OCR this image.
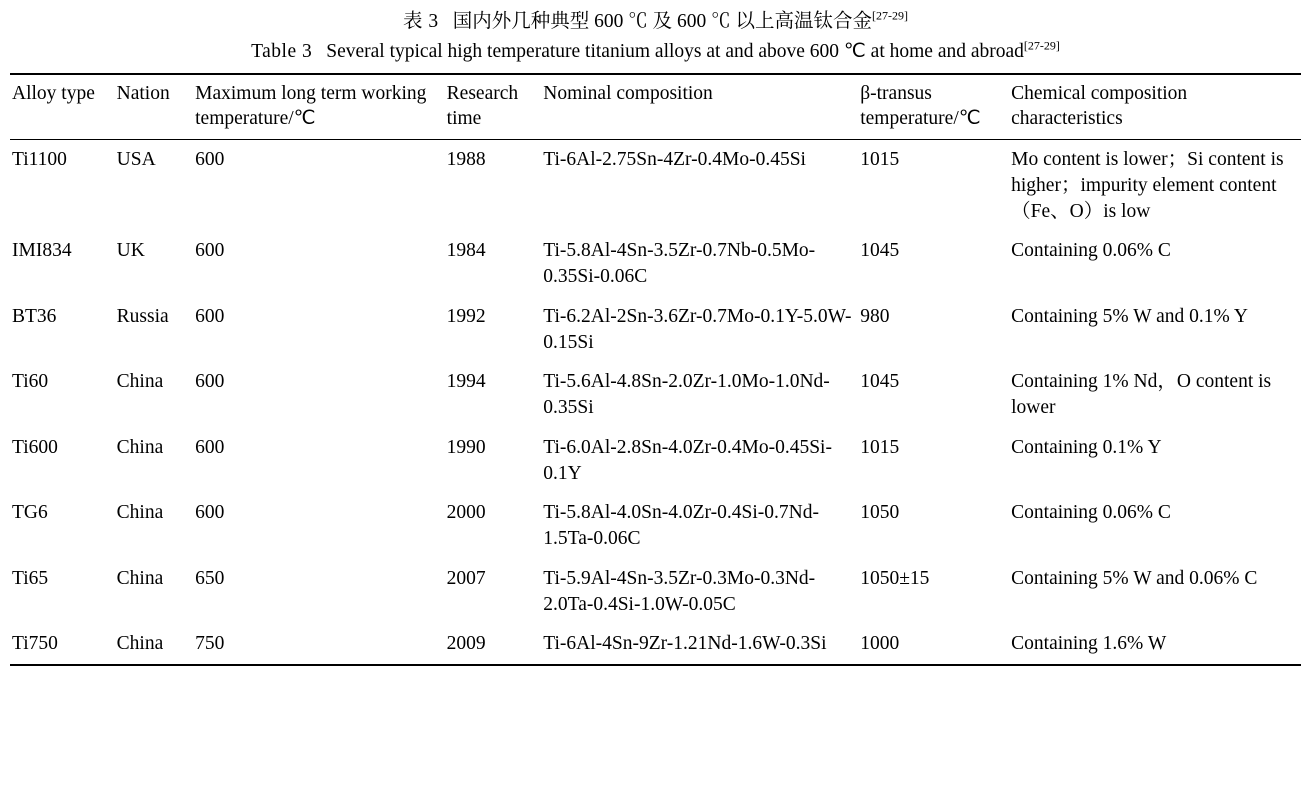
表 3 国内外几种典型 600 ℃ 及 600 ℃ 以上高温钛合金[27-29]
Table 3 Several typical high temperature titanium alloys at and above 600 ℃ at home and abroad[27-29]
Alloy type	Nation	Maximum long term working temperature/℃	Research time	Nominal composition	β-transus temperature/℃	Chemical composition characteristics
Ti1100	USA	600	1988	Ti-6Al-2.75Sn-4Zr-0.4Mo-0.45Si	1015	Mo content is lower；Si content is higher；impurity element content（Fe、O）is low
IMI834	UK	600	1984	Ti-5.8Al-4Sn-3.5Zr-0.7Nb-0.5Mo-0.35Si-0.06C	1045	Containing 0.06% C
BT36	Russia	600	1992	Ti-6.2Al-2Sn-3.6Zr-0.7Mo-0.1Y-5.0W-0.15Si	980	Containing 5% W and 0.1% Y
Ti60	China	600	1994	Ti-5.6Al-4.8Sn-2.0Zr-1.0Mo-1.0Nd-0.35Si	1045	Containing 1% Nd，O content is lower
Ti600	China	600	1990	Ti-6.0Al-2.8Sn-4.0Zr-0.4Mo-0.45Si-0.1Y	1015	Containing 0.1% Y
TG6	China	600	2000	Ti-5.8Al-4.0Sn-4.0Zr-0.4Si-0.7Nd-1.5Ta-0.06C	1050	Containing 0.06% C
Ti65	China	650	2007	Ti-5.9Al-4Sn-3.5Zr-0.3Mo-0.3Nd-2.0Ta-0.4Si-1.0W-0.05C	1050±15	Containing 5% W and 0.06% C
Ti750	China	750	2009	Ti-6Al-4Sn-9Zr-1.21Nd-1.6W-0.3Si	1000	Containing 1.6% W
